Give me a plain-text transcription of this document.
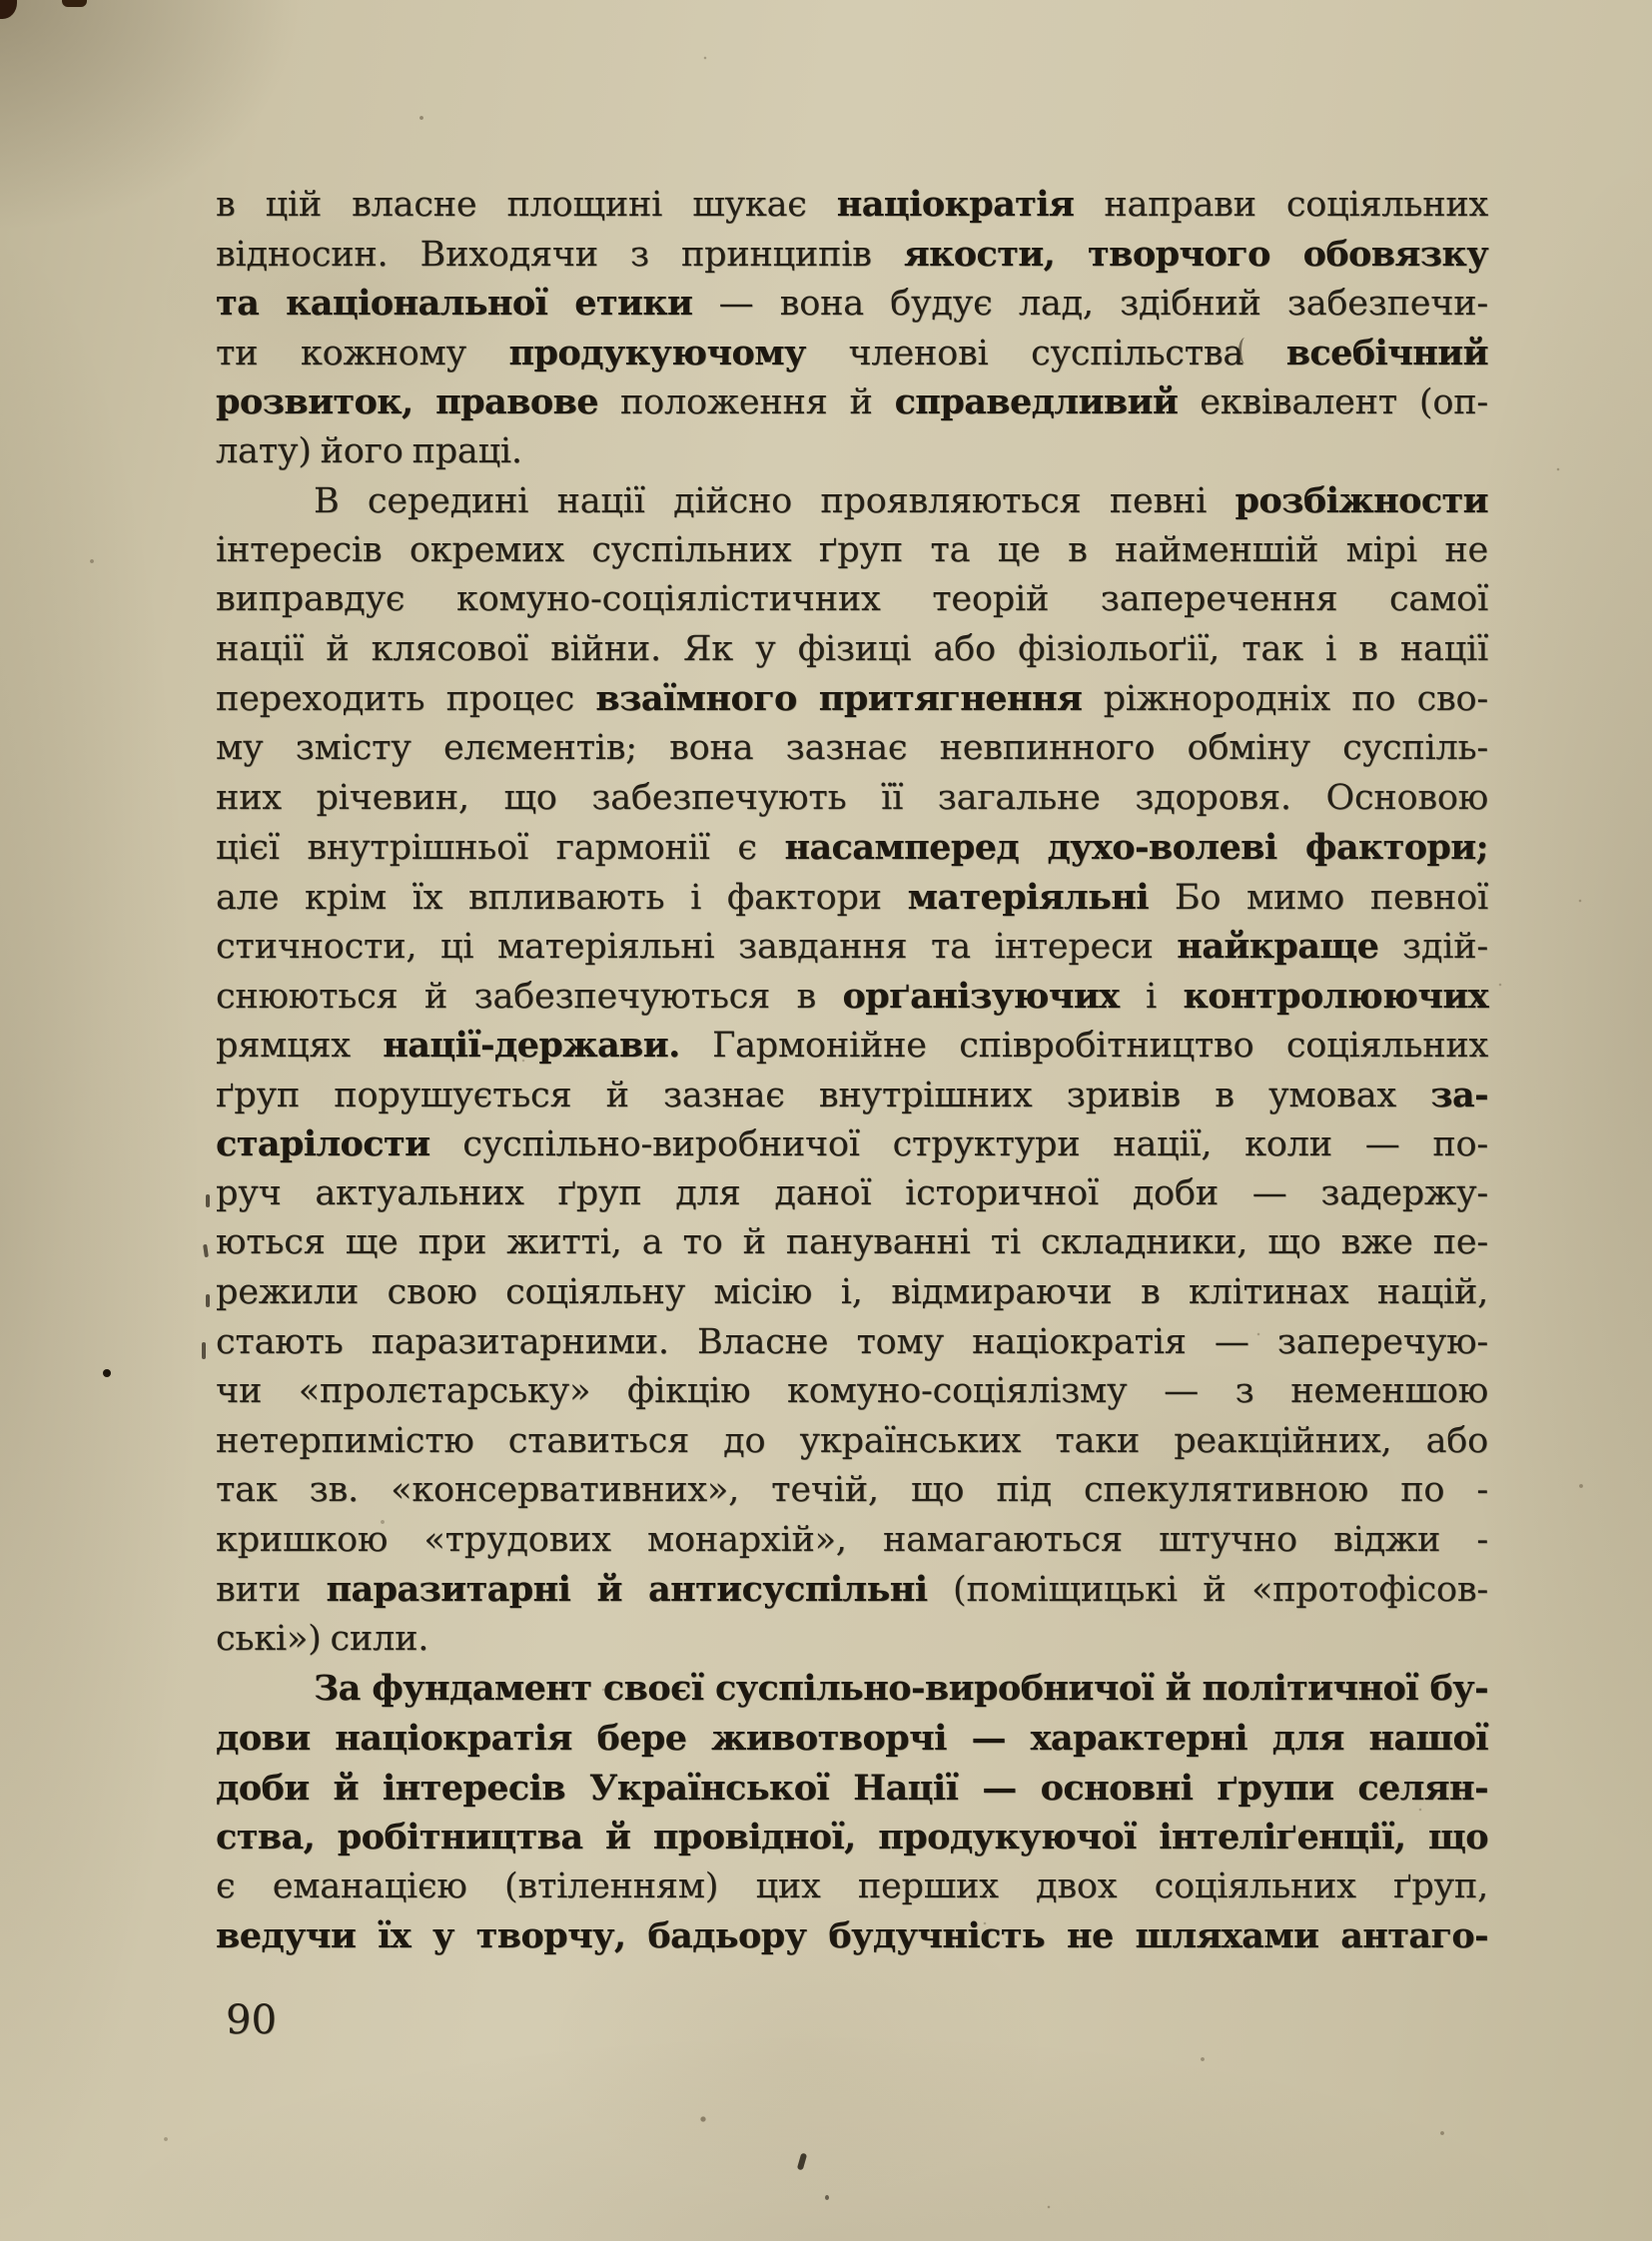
в цій власне площині шукає націократія направи соціяльних
відносин. Виходячи з принципів якости, творчого обовязку
та каціональної етики — вона будує лад, здібний забезпечи-
ти кожному продукуючому членові суспільства всебічний
розвиток, правове положення й справедливий еквівалент (оп-
лату) його праці.
В середині нації дійсно проявляються певні розбіжности
інтересів окремих суспільних ґруп та це в найменшій мірі не
виправдує комуно-соціялістичних теорій заперечення самої
нації й клясової війни. Як у фізиці або фізіольоґії, так і в нації
переходить процес взаїмного притягнення ріжнородніх по сво-
му змісту елєментів; вона зазнає невпинного обміну суспіль-
них річевин, що забезпечують її загальне здоровя. Основою
цієї внутрішньої гармонії є насамперед духо-волеві фактори;
але крім їх впливають і фактори матеріяльні Бо мимо певної
стичности, ці матеріяльні завдання та інтереси найкраще здій-
снюються й забезпечуються в орґанізуючих і контролюючих
рямцях нації-держави. Гармонійне співробітництво соціяльних
ґруп порушується й зазнає внутрішних зривів в умовах за-
старілости суспільно-виробничої структури нації, коли — по-
руч актуальних ґруп для даної історичної доби — задержу-
ються ще при житті, а то й пануванні ті складники, що вже пе-
режили свою соціяльну місію і, відмираючи в клітинах націй,
стають паразитарними. Власне тому націократія — заперечую-
чи «пролєтарську» фікцію комуно-соціялізму — з неменшою
нетерпимістю ставиться до українських таки реакційних, або
так зв. «консервативних», течій, що під спекулятивною по -
кришкою «трудових монархій», намагаються штучно віджи -
вити паразитарні й антисуспільні (поміщицькі й «протофісов-
ські») сили.
За фундамент своєї суспільно-виробничої й політичної бу-
дови націократія бере животворчі — характерні для нашої
доби й інтересів Української Нації — основні ґрупи селян-
ства, робітництва й провідної, продукуючої інтеліґенції, що
є еманацією (втіленням) цих перших двох соціяльних ґруп,
ведучи їх у творчу, бадьору будучність не шляхами антаго-
90
